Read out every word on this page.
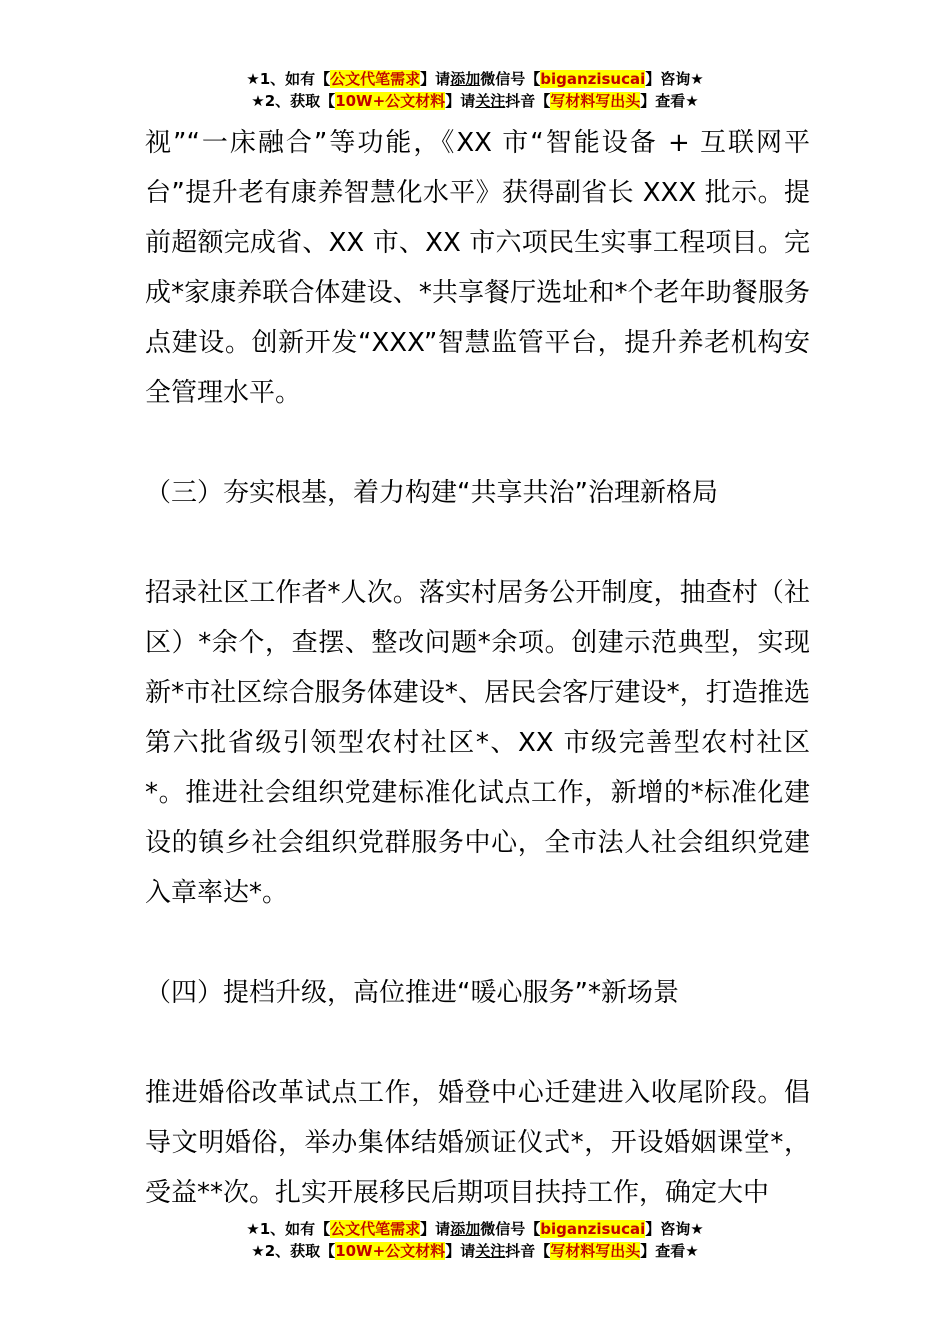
★1、如有【公文代笔需求】请添加微信号【biganzisucai】咨询★
★2、获取【10W+公文材料】请关注抖音【写材料写出头】查看★

视”“一床融合”等功能，《XX 市“智能设备 + 互联网平台”提升老有康养智慧化水平》获得副省长 XXX 批示。提前超额完成省、XX 市、XX 市六项民生实事工程项目。完成*家康养联合体建设、*共享餐厅选址和*个老年助餐服务点建设。创新开发“XXX”智慧监管平台，提升养老机构安全管理水平。

（三）夯实根基，着力构建“共享共治”治理新格局

招录社区工作者*人次。落实村居务公开制度，抽查村（社区）*余个，查摆、整改问题*余项。创建示范典型，实现新*市社区综合服务体建设*、居民会客厅建设*，打造推选第六批省级引领型农村社区*、XX 市级完善型农村社区*。推进社会组织党建标准化试点工作，新增的*标准化建设的镇乡社会组织党群服务中心，全市法人社会组织党建入章率达*。

（四）提档升级，高位推进“暖心服务”*新场景

推进婚俗改革试点工作，婚登中心迁建进入收尾阶段。倡导文明婚俗，举办集体结婚颁证仪式*，开设婚姻课堂*，受益**次。扎实开展移民后期项目扶持工作，确定大中

★1、如有【公文代笔需求】请添加微信号【biganzisucai】咨询★
★2、获取【10W+公文材料】请关注抖音【写材料写出头】查看★
